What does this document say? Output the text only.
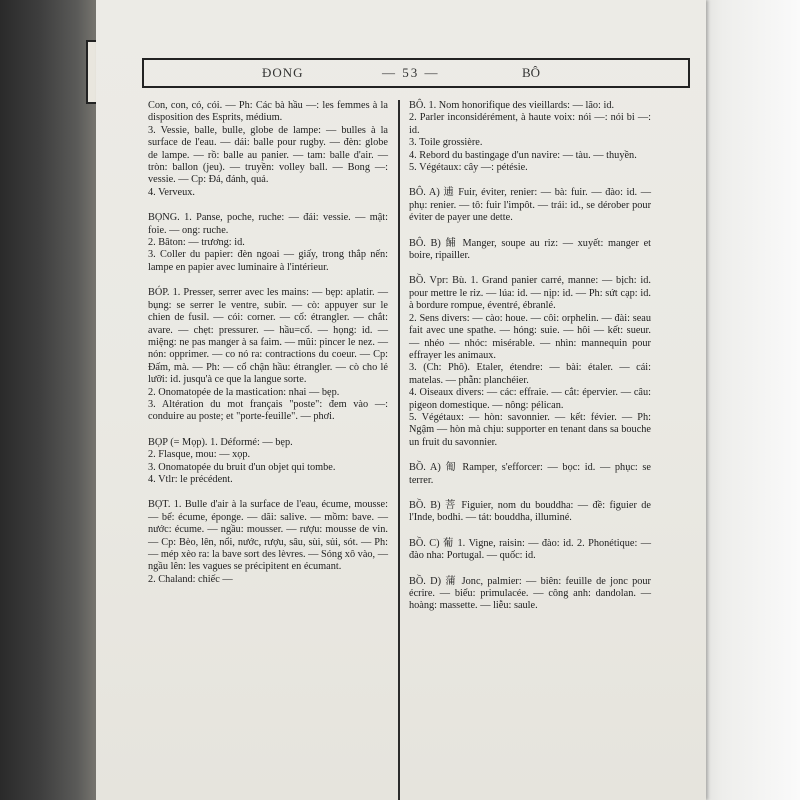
ĐONG	— 53 —	BÔ

Con, con, có, cói. — Ph: Các bà hầu —: les femmes à la disposition des Esprits, médium.

3. Vessie, balle, bulle, globe de lampe: — bulles à la surface de l'eau. — dái: balle pour rugby. — đèn: globe de lampe. — rồ: balle au panier. — tam: balle d'air. — tròn: ballon (jeu). — truyền: volley ball. — Bong —: vessie. — Cp: Đá, đánh, quả.

4. Verveux.

BỌNG. 1. Panse, poche, ruche: — đái: vessie. — mật: foie. — ong: ruche.

2. Bâton: — trương: id.

3. Coller du papier: đèn ngoai — giấy, trong thắp nến: lampe en papier avec luminaire à l'intérieur.

BÓP. 1. Presser, serrer avec les mains: — bẹp: aplatir. — bụng: se serrer le ventre, subir. — cò: appuyer sur le chien de fusil. — cói: corner. — cổ: étrangler. — chắt: avare. — chẹt: pressurer. — hầu=cổ. — họng: id. — miệng: ne pas manger à sa faim. — mũi: pincer le nez. — nón: opprimer. — co nó ra: contractions du coeur. — Cp: Đấm, mà. — Ph: — cổ chận hầu: étrangler. — cò cho lẻ lưỡi: id. jusqu'à ce que la langue sorte.

2. Onomatopée de la mastication: nhai — bẹp.

3. Altération du mot français "poste": đem vào —: conduire au poste; et "porte-feuille". — phơi.

BỌP (= Mọp). 1. Déformé: — bẹp.

2. Flasque, mou: — xọp.

3. Onomatopée du bruit d'un objet qui tombe.

4. Vtlr: le précédent.

BỌT. 1. Bulle d'air à la surface de l'eau, écume, mousse: — bể: écume, éponge. — dãi: salive. — mồm: bave. — nước: écume. — ngầu: mousser. — rượu: mousse de vin. — Cp: Bèo, lên, nổi, nước, rượu, sâu, sùi, sủi, sót. — Ph: — mép xèo ra: la bave sort des lèvres. — Sóng xô vào, — ngầu lên: les vagues se précipitent en écumant.

2. Chaland: chiếc —

BÔ. 1. Nom honorifique des vieillards: — lão: id.

2. Parler inconsidérément, à haute voix: nói —: nói bi —: id.

3. Toile grossière.

4. Rebord du bastingage d'un navire: — tàu. — thuyền.

5. Végétaux: cây —: pétésie.

BÔ. A) 逋 Fuir, éviter, renier: — bà: fuir. — đào: id. — phụ: renier. — tô: fuir l'impôt. — trái: id., se dérober pour éviter de payer une dette.

BÔ. B) 餔 Manger, soupe au riz: — xuyết: manger et boire, ripailler.

BỒ. Vpr: Bù. 1. Grand panier carré, manne: — bịch: id. pour mettre le riz. — lúa: id. — nịp: id. — Ph: sứt cạp: id. à bordure rompue, éventré, ébranlé.

2. Sens divers: — cào: houe. — côi: orphelin. — đài: seau fait avec une spathe. — hóng: suie. — hôi — kết: sueur. — nhéo — nhóc: misérable. — nhìn: mannequin pour effrayer les animaux.

3. (Ch: Phô). Etaler, étendre: — bài: étaler. — cái: matelas. — phẵn: planchéier.

4. Oiseaux divers: — các: effraie. — cắt: épervier. — câu: pigeon domestique. — nông: pélican.

5. Végétaux: — hòn: savonnier. — kết: févier. — Ph: Ngậm — hòn mà chịu: supporter en tenant dans sa bouche un fruit du savonnier.

BỒ. A) 匍 Ramper, s'efforcer: — bọc: id. — phục: se terrer.

BỒ. B) 菩 Figuier, nom du bouddha: — đề: figuier de l'Inde, bodhi. — tát: bouddha, illuminé.

BỒ. C) 葡 1. Vigne, raisin: — đào: id. 2. Phonétique: — đào nha: Portugal. — quốc: id.

BỒ. D) 蒲 Jonc, palmier: — biên: feuille de jonc pour écrire. — biểu: primulacée. — công anh: dandolan. — hoàng: massette. — liễu: saule.
